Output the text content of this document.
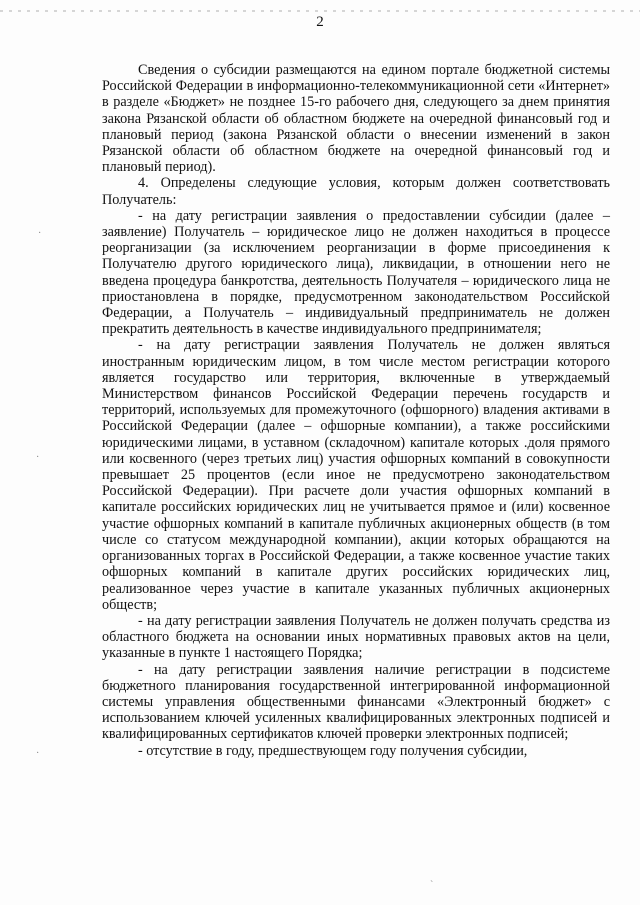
2

Сведения о субсидии размещаются на едином портале бюджетной системы Российской Федерации в информационно-телекоммуникационной сети «Интернет» в разделе «Бюджет» не позднее 15-го рабочего дня, следующего за днем принятия закона Рязанской области об областном бюджете на очередной финансовый год и плановый период (закона Рязанской области о внесении изменений в закон Рязанской области об областном бюджете на очередной финансовый год и плановый период).

4. Определены следующие условия, которым должен соответствовать Получатель:

- на дату регистрации заявления о предоставлении субсидии (далее – заявление) Получатель – юридическое лицо не должен находиться в процессе реорганизации (за исключением реорганизации в форме присоединения к Получателю другого юридического лица), ликвидации, в отношении него не введена процедура банкротства, деятельность Получателя – юридического лица не приостановлена в порядке, предусмотренном законодательством Российской Федерации, а Получатель – индивидуальный предприниматель не должен прекратить деятельность в качестве индивидуального предпринимателя;

- на дату регистрации заявления Получатель не должен являться иностранным юридическим лицом, в том числе местом регистрации которого является государство или территория, включенные в утверждаемый Министерством финансов Российской Федерации перечень государств и территорий, используемых для промежуточного (офшорного) владения активами в Российской Федерации (далее – офшорные компании), а также российскими юридическими лицами, в уставном (складочном) капитале которых .доля прямого или косвенного (через третьих лиц) участия офшорных компаний в совокупности превышает 25 процентов (если иное не предусмотрено законодательством Российской Федерации). При расчете доли участия офшорных компаний в капитале российских юридических лиц не учитывается прямое и (или) косвенное участие офшорных компаний в капитале публичных акционерных обществ (в том числе со статусом международной компании), акции которых обращаются на организованных торгах в Российской Федерации, а также косвенное участие таких офшорных компаний в капитале других российских юридических лиц, реализованное через участие в капитале указанных публичных акционерных обществ;

- на дату регистрации заявления Получатель не должен получать средства из областного бюджета на основании иных нормативных правовых актов на цели, указанные в пункте 1 настоящего Порядка;

- на дату регистрации заявления наличие регистрации в подсистеме бюджетного планирования государственной интегрированной информационной системы управления общественными финансами «Электронный бюджет» с использованием ключей усиленных квалифицированных электронных подписей и квалифицированных сертификатов ключей проверки электронных подписей;

- отсутствие в году, предшествующем году получения субсидии,

·
·
·
`
